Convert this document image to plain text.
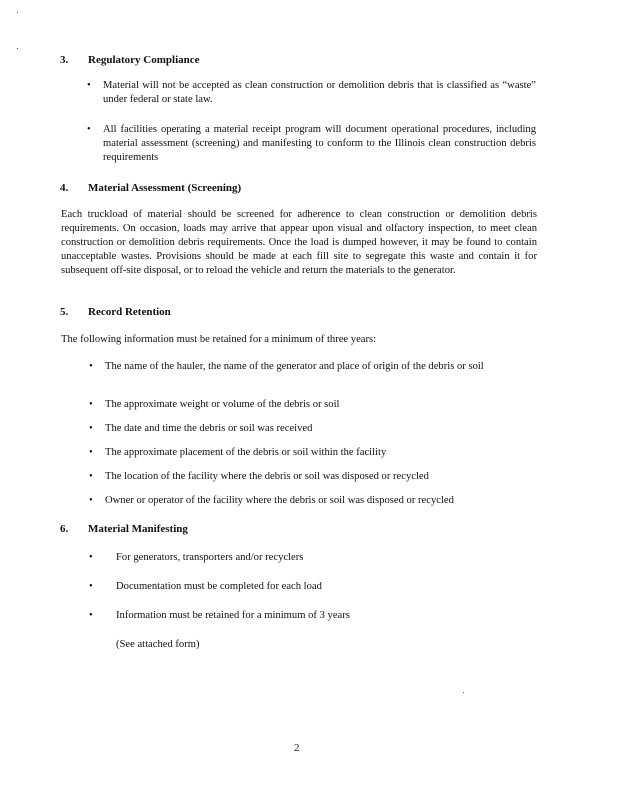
3. Regulatory Compliance
• Material will not be accepted as clean construction or demolition debris that is classified as “waste” under federal or state law.
• All facilities operating a material receipt program will document operational procedures, including material assessment (screening) and manifesting to conform to the Illinois clean construction debris requirements
4. Material Assessment (Screening)
Each truckload of material should be screened for adherence to clean construction or demolition debris requirements. On occasion, loads may arrive that appear upon visual and olfactory inspection, to meet clean construction or demolition debris requirements. Once the load is dumped however, it may be found to contain unacceptable wastes. Provisions should be made at each fill site to segregate this waste and contain it for subsequent off-site disposal, or to reload the vehicle and return the materials to the generator.
5. Record Retention
The following information must be retained for a minimum of three years:
• The name of the hauler, the name of the generator and place of origin of the debris or soil
• The approximate weight or volume of the debris or soil
• The date and time the debris or soil was received
• The approximate placement of the debris or soil within the facility
• The location of the facility where the debris or soil was disposed or recycled
• Owner or operator of the facility where the debris or soil was disposed or recycled
6. Material Manifesting
• For generators, transporters and/or recyclers
• Documentation must be completed for each load
• Information must be retained for a minimum of 3 years
(See attached form)
2
